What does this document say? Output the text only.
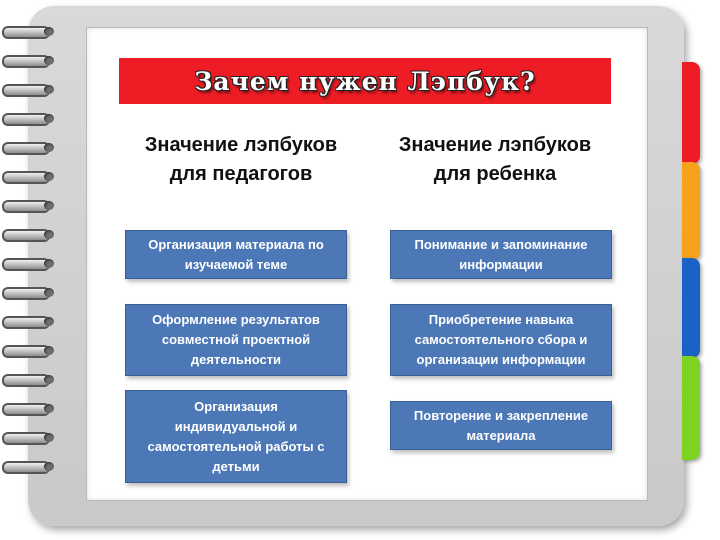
Зачем нужен Лэпбук?
Значение лэпбуков
для педагогов
Значение лэпбуков
для ребенка
Организация материала по
изучаемой теме
Оформление результатов
совместной проектной
деятельности
Организация
индивидуальной и
самостоятельной работы с
детьми
Понимание и запоминание
информации
Приобретение навыка
самостоятельного сбора и
организации информации
Повторение и закрепление
материала
